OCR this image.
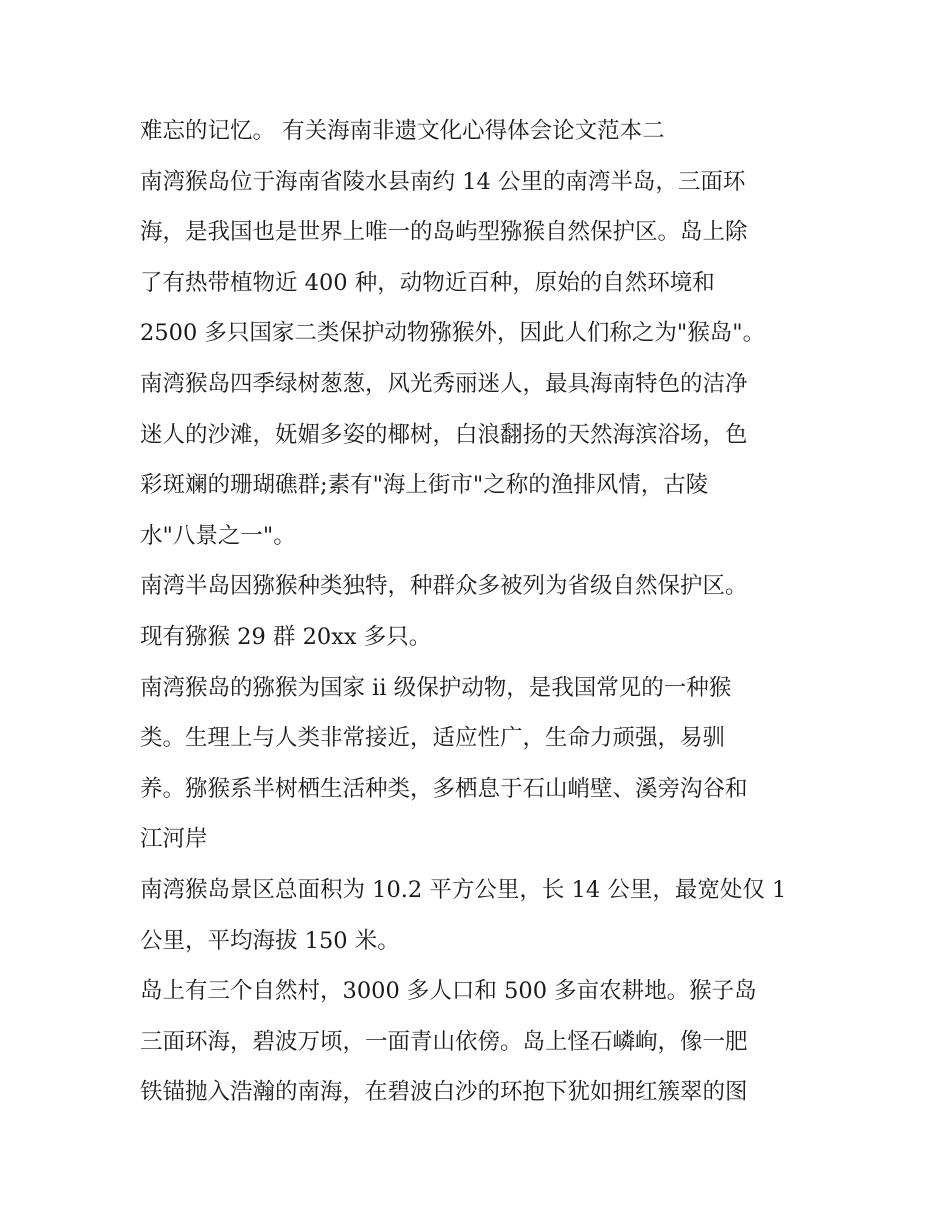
难忘的记忆。 有关海南非遗文化心得体会论文范本二
南湾猴岛位于海南省陵水县南约 14 公里的南湾半岛，三面环
海，是我国也是世界上唯一的岛屿型猕猴自然保护区。岛上除
了有热带植物近 400 种，动物近百种，原始的自然环境和
2500 多只国家二类保护动物猕猴外，因此人们称之为"猴岛"。
南湾猴岛四季绿树葱葱，风光秀丽迷人，最具海南特色的洁净
迷人的沙滩，妩媚多姿的椰树，白浪翻扬的天然海滨浴场，色
彩斑斓的珊瑚礁群;素有"海上街市"之称的渔排风情，古陵
水"八景之一"。
南湾半岛因猕猴种类独特，种群众多被列为省级自然保护区。
现有猕猴 29 群 20xx 多只。
南湾猴岛的猕猴为国家 ii 级保护动物，是我国常见的一种猴
类。生理上与人类非常接近，适应性广，生命力顽强，易驯
养。猕猴系半树栖生活种类，多栖息于石山峭壁、溪旁沟谷和
江河岸
南湾猴岛景区总面积为 10.2 平方公里，长 14 公里，最宽处仅 1
公里，平均海拔 150 米。
岛上有三个自然村，3000 多人口和 500 多亩农耕地。猴子岛
三面环海，碧波万顷，一面青山依傍。岛上怪石嶙峋，像一肥
铁锚抛入浩瀚的南海，在碧波白沙的环抱下犹如拥红簇翠的图
